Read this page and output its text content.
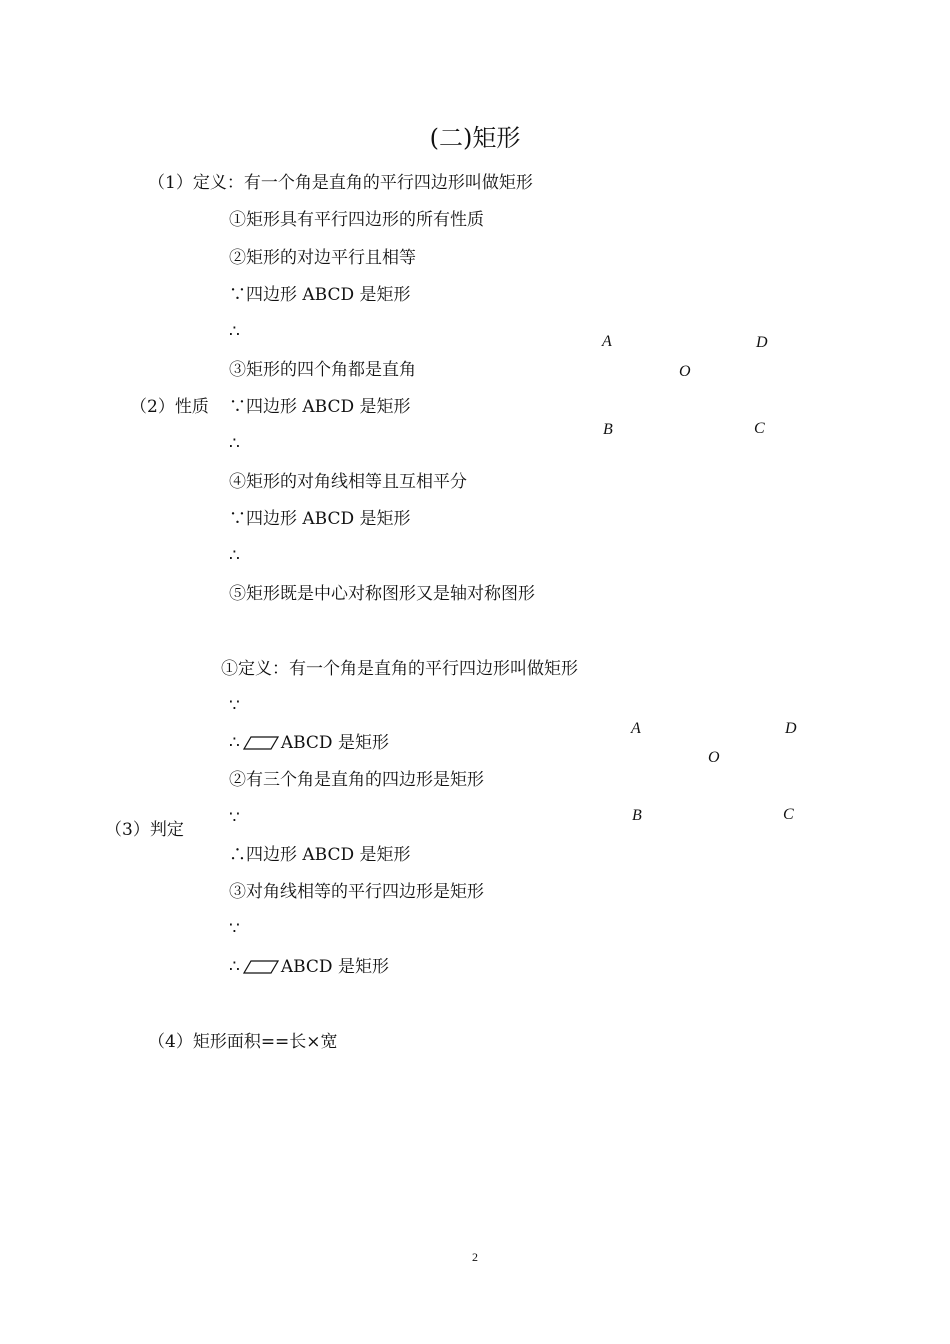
(二)矩形
（1）定义：有一个角是直角的平行四边形叫做矩形
（2）性质
①矩形具有平行四边形的所有性质
②矩形的对边平行且相等
∵四边形 ABCD 是矩形
∴
③矩形的四个角都是直角
∵四边形 ABCD 是矩形
∴
④矩形的对角线相等且互相平分
∵四边形 ABCD 是矩形
∴
⑤矩形既是中心对称图形又是轴对称图形
A	D
O
B	C
（3）判定
①定义：有一个角是直角的平行四边形叫做矩形
∵
∴ ABCD 是矩形
②有三个角是直角的四边形是矩形
∵
∴四边形 ABCD 是矩形
③对角线相等的平行四边形是矩形
∵
∴ ABCD 是矩形
A	D
O
B	C
（4）矩形面积==长×宽
2
